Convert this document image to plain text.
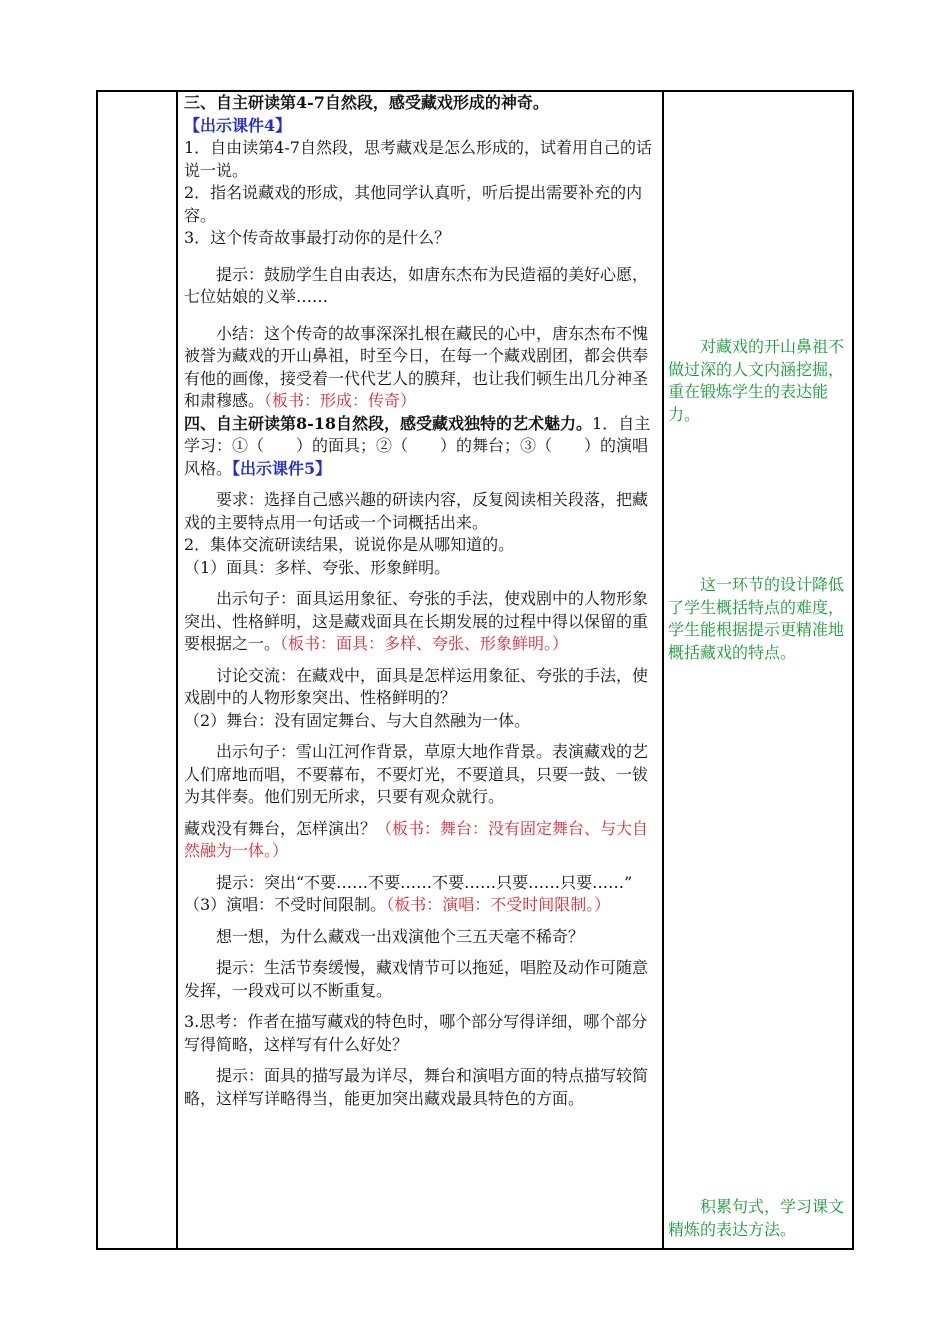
三、自主研读第4-7自然段，感受藏戏形成的神奇。

【出示课件4】

1．自由读第4-7自然段，思考藏戏是怎么形成的，试着用自己的话说一说。

2．指名说藏戏的形成，其他同学认真听，听后提出需要补充的内容。

3．这个传奇故事最打动你的是什么？

提示：鼓励学生自由表达，如唐东杰布为民造福的美好心愿，七位姑娘的义举……

小结：这个传奇的故事深深扎根在藏民的心中，唐东杰布不愧被誉为藏戏的开山鼻祖，时至今日，在每一个藏戏剧团，都会供奉有他的画像，接受着一代代艺人的膜拜，也让我们顿生出几分神圣和肃穆感。（板书：形成：传奇）

四、自主研读第8-18自然段，感受藏戏独特的艺术魅力。

1．自主学习：①（　　）的面具；②（　　）的舞台；③（　　）的演唱风格。【出示课件5】

要求：选择自己感兴趣的研读内容，反复阅读相关段落，把藏戏的主要特点用一句话或一个词概括出来。

2．集体交流研读结果，说说你是从哪知道的。

（1）面具：多样、夸张、形象鲜明。

出示句子：面具运用象征、夸张的手法，使戏剧中的人物形象突出、性格鲜明，这是藏戏面具在长期发展的过程中得以保留的重要根据之一。（板书：面具：多样、夸张、形象鲜明。）

讨论交流：在藏戏中，面具是怎样运用象征、夸张的手法，使戏剧中的人物形象突出、性格鲜明的？

（2）舞台：没有固定舞台、与大自然融为一体。

出示句子：雪山江河作背景，草原大地作背景。表演藏戏的艺人们席地而唱，不要幕布，不要灯光，不要道具，只要一鼓、一钹为其伴奏。他们别无所求，只要有观众就行。

藏戏没有舞台，怎样演出？（板书：舞台：没有固定舞台、与大自然融为一体。）

提示：突出“不要……不要……不要……只要……只要……”

（3）演唱：不受时间限制。（板书：演唱：不受时间限制。）

想一想，为什么藏戏一出戏演他个三五天毫不稀奇？

提示：生活节奏缓慢，藏戏情节可以拖延，唱腔及动作可随意发挥，一段戏可以不断重复。

3.思考：作者在描写藏戏的特色时，哪个部分写得详细，哪个部分写得简略，这样写有什么好处？

提示：面具的描写最为详尽，舞台和演唱方面的特点描写较简略，这样写详略得当，能更加突出藏戏最具特色的方面。

对藏戏的开山鼻祖不做过深的人文内涵挖掘，重在锻炼学生的表达能力。
这一环节的设计降低了学生概括特点的难度，学生能根据提示更精准地概括藏戏的特点。
积累句式，学习课文精炼的表达方法。
